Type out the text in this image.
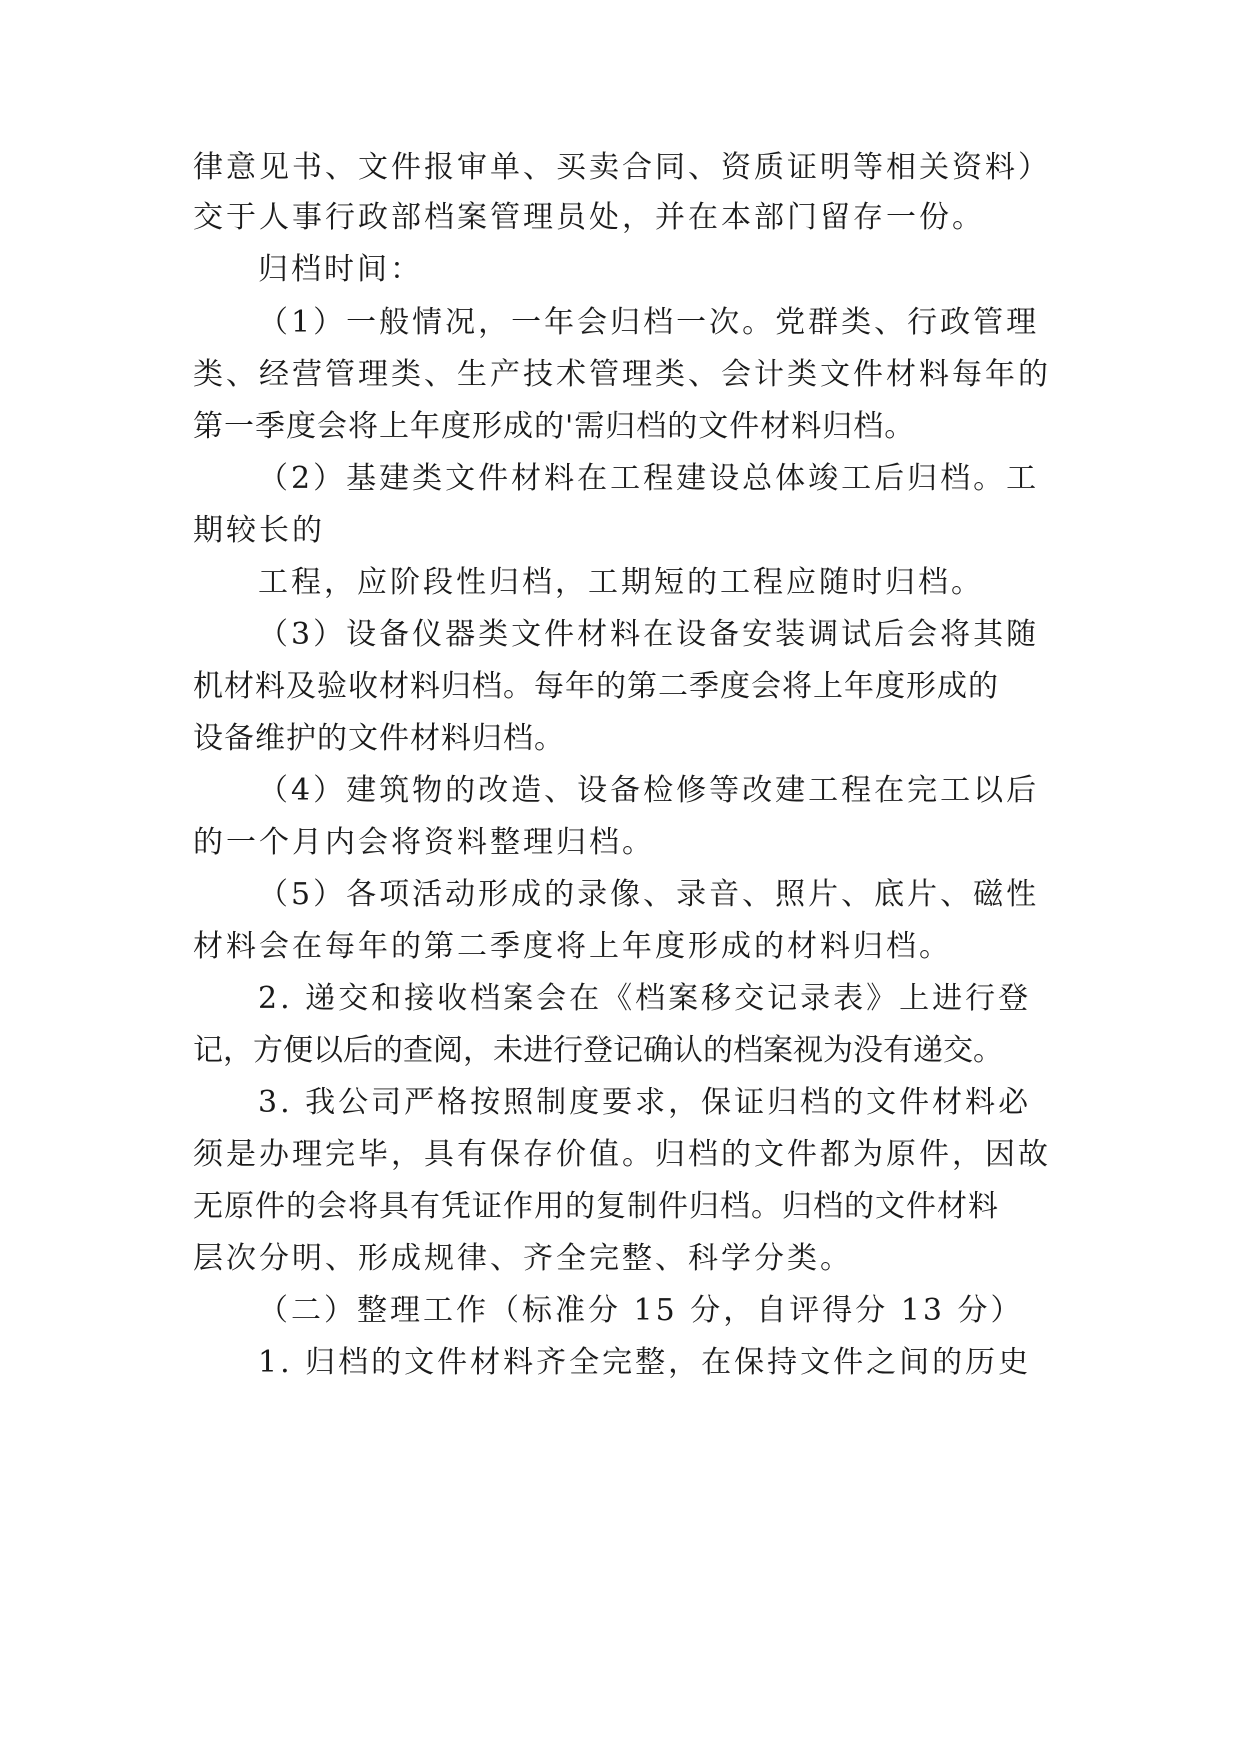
律意见书、文件报审单、买卖合同、资质证明等相关资料）
交于人事行政部档案管理员处，并在本部门留存一份。
归档时间：
（1）一般情况，一年会归档一次。党群类、行政管理
类、经营管理类、生产技术管理类、会计类文件材料每年的
第一季度会将上年度形成的'需归档的文件材料归档。
（2）基建类文件材料在工程建设总体竣工后归档。工
期较长的
工程，应阶段性归档，工期短的工程应随时归档。
（3）设备仪器类文件材料在设备安装调试后会将其随
机材料及验收材料归档。每年的第二季度会将上年度形成的
设备维护的文件材料归档。
（4）建筑物的改造、设备检修等改建工程在完工以后
的一个月内会将资料整理归档。
（5）各项活动形成的录像、录音、照片、底片、磁性
材料会在每年的第二季度将上年度形成的材料归档。
2. 递交和接收档案会在《档案移交记录表》上进行登
记，方便以后的查阅，未进行登记确认的档案视为没有递交。
3. 我公司严格按照制度要求，保证归档的文件材料必
须是办理完毕，具有保存价值。归档的文件都为原件，因故
无原件的会将具有凭证作用的复制件归档。归档的文件材料
层次分明、形成规律、齐全完整、科学分类。
（二）整理工作（标准分 15 分，自评得分 13 分）
1. 归档的文件材料齐全完整，在保持文件之间的历史
